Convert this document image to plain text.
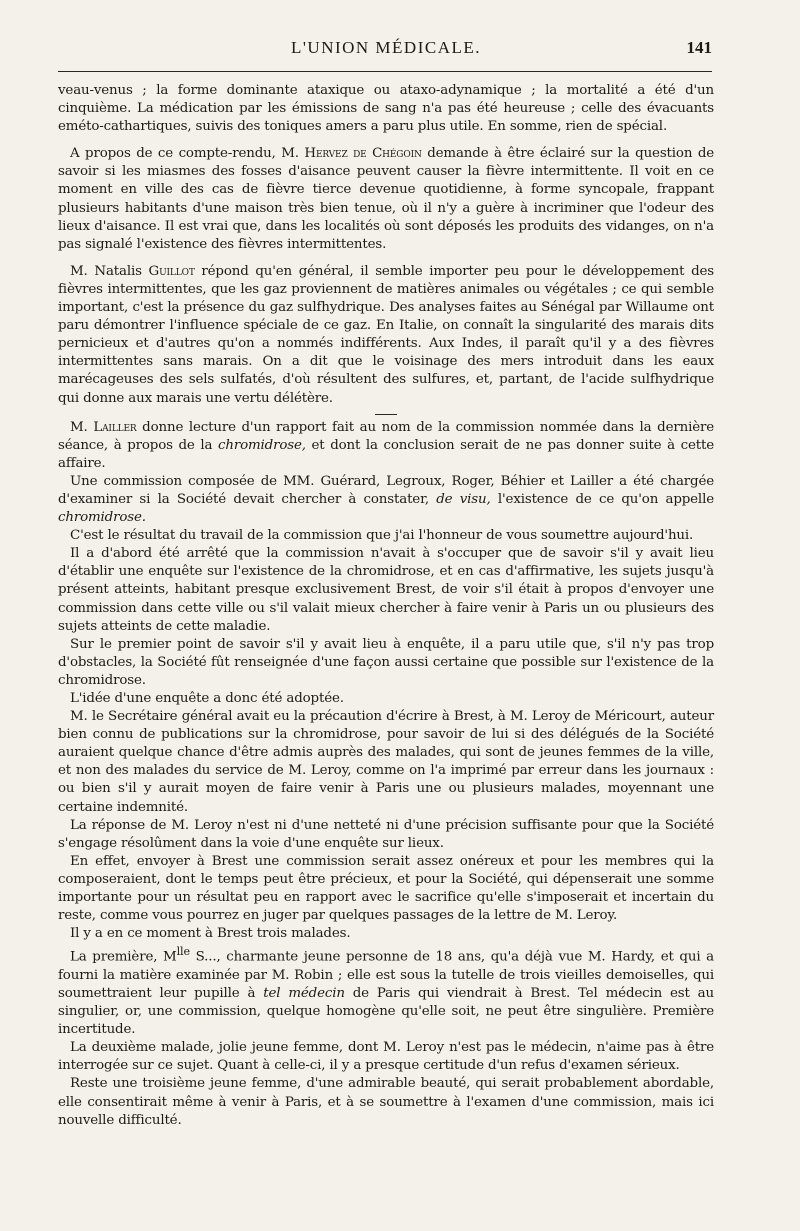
L'UNION MÉDICALE.	141

veau-venus ; la forme dominante ataxique ou ataxo-adynamique ; la mortalité a été d'un cinquième. La médication par les émissions de sang n'a pas été heureuse ; celle des évacuants eméto-cathartiques, suivis des toniques amers a paru plus utile. En somme, rien de spécial.

A propos de ce compte-rendu, M. Hervez de Chégoin demande à être éclairé sur la question de savoir si les miasmes des fosses d'aisance peuvent causer la fièvre intermittente. Il voit en ce moment en ville des cas de fièvre tierce devenue quotidienne, à forme syncopale, frappant plusieurs habitants d'une maison très bien tenue, où il n'y a guère à incriminer que l'odeur des lieux d'aisance. Il est vrai que, dans les localités où sont déposés les produits des vidanges, on n'a pas signalé l'existence des fièvres intermittentes.

M. Natalis Guillot répond qu'en général, il semble importer peu pour le développement des fièvres intermittentes, que les gaz proviennent de matières animales ou végétales ; ce qui semble important, c'est la présence du gaz sulfhydrique. Des analyses faites au Sénégal par Willaume ont paru démontrer l'influence spéciale de ce gaz. En Italie, on connaît la singularité des marais dits pernicieux et d'autres qu'on a nommés indifférents. Aux Indes, il paraît qu'il y a des fièvres intermittentes sans marais. On a dit que le voisinage des mers introduit dans les eaux marécageuses des sels sulfatés, d'où résultent des sulfures, et, partant, de l'acide sulfhydrique qui donne aux marais une vertu délétère.

M. Lailler donne lecture d'un rapport fait au nom de la commission nommée dans la dernière séance, à propos de la chromidrose, et dont la conclusion serait de ne pas donner suite à cette affaire.

Une commission composée de MM. Guérard, Legroux, Roger, Béhier et Lailler a été chargée d'examiner si la Société devait chercher à constater, de visu, l'existence de ce qu'on appelle chromidrose.

C'est le résultat du travail de la commission que j'ai l'honneur de vous soumettre aujourd'hui.

Il a d'abord été arrêté que la commission n'avait à s'occuper que de savoir s'il y avait lieu d'établir une enquête sur l'existence de la chromidrose, et en cas d'affirmative, les sujets jusqu'à présent atteints, habitant presque exclusivement Brest, de voir s'il était à propos d'envoyer une commission dans cette ville ou s'il valait mieux chercher à faire venir à Paris un ou plusieurs des sujets atteints de cette maladie.

Sur le premier point de savoir s'il y avait lieu à enquête, il a paru utile que, s'il n'y pas trop d'obstacles, la Société fût renseignée d'une façon aussi certaine que possible sur l'existence de la chromidrose.

L'idée d'une enquête a donc été adoptée.

M. le Secrétaire général avait eu la précaution d'écrire à Brest, à M. Leroy de Méricourt, auteur bien connu de publications sur la chromidrose, pour savoir de lui si des délégués de la Société auraient quelque chance d'être admis auprès des malades, qui sont de jeunes femmes de la ville, et non des malades du service de M. Leroy, comme on l'a imprimé par erreur dans les journaux : ou bien s'il y aurait moyen de faire venir à Paris une ou plusieurs malades, moyennant une certaine indemnité.

La réponse de M. Leroy n'est ni d'une netteté ni d'une précision suffisante pour que la Société s'engage résolûment dans la voie d'une enquête sur lieux.

En effet, envoyer à Brest une commission serait assez onéreux et pour les membres qui la composeraient, dont le temps peut être précieux, et pour la Société, qui dépenserait une somme importante pour un résultat peu en rapport avec le sacrifice qu'elle s'imposerait et incertain du reste, comme vous pourrez en juger par quelques passages de la lettre de M. Leroy.

Il y a en ce moment à Brest trois malades.

La première, $M^{lle}$ S..., charmante jeune personne de 18 ans, qu'a déjà vue M. Hardy, et qui a fourni la matière examinée par M. Robin ; elle est sous la tutelle de trois vieilles demoiselles, qui soumettraient leur pupille à tel médecin de Paris qui viendrait à Brest. Tel médecin est au singulier, or, une commission, quelque homogène qu'elle soit, ne peut être singulière. Première incertitude.

La deuxième malade, jolie jeune femme, dont M. Leroy n'est pas le médecin, n'aime pas à être interrogée sur ce sujet. Quant à celle-ci, il y a presque certitude d'un refus d'examen sérieux.

Reste une troisième jeune femme, d'une admirable beauté, qui serait probablement abordable, elle consentirait même à venir à Paris, et à se soumettre à l'examen d'une commission, mais ici nouvelle difficulté.
